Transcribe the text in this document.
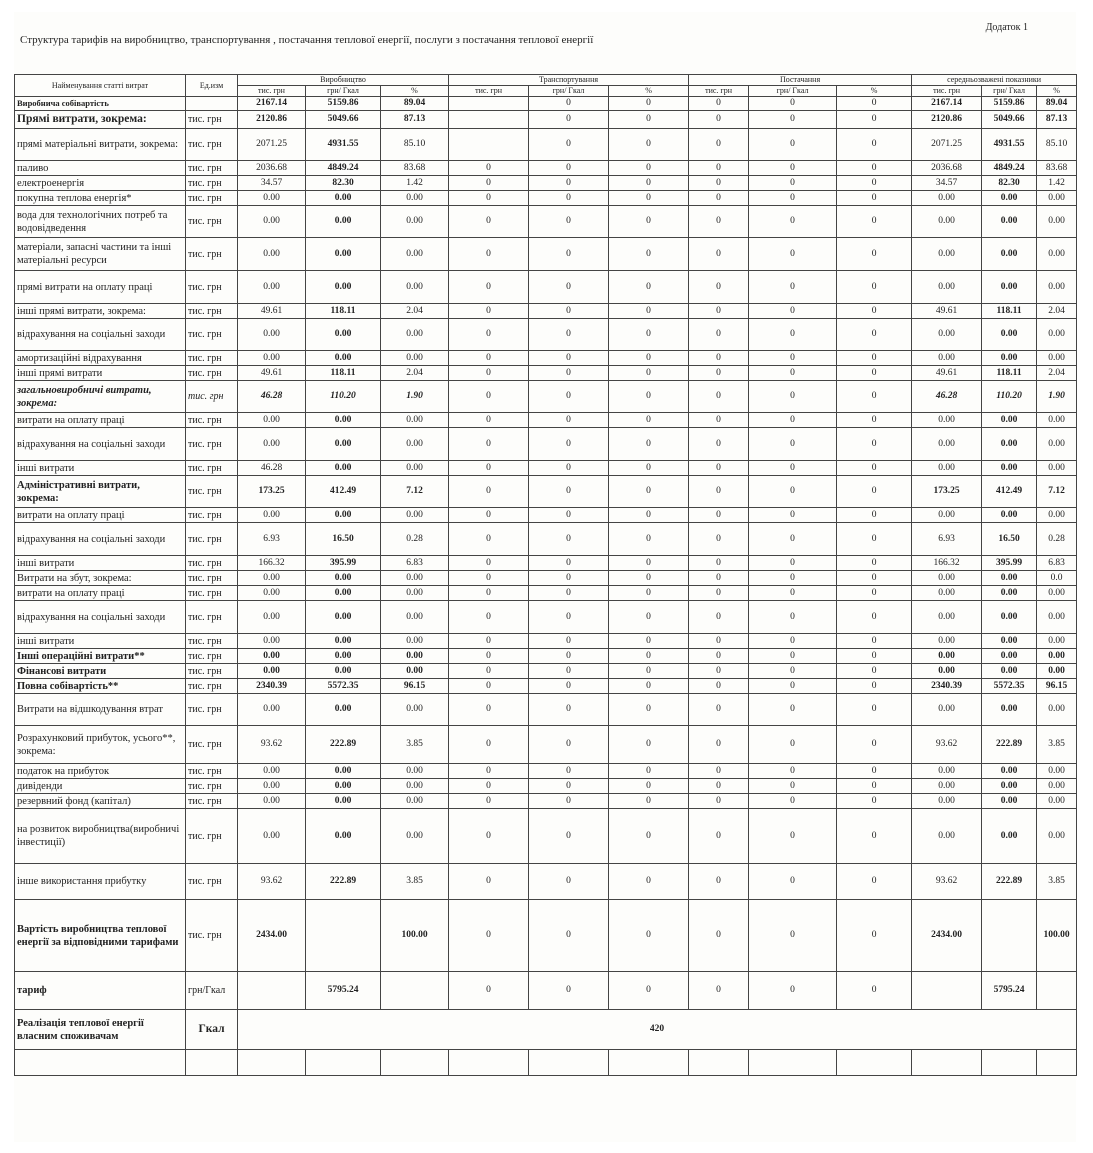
Додаток 1
Структура тарифів на виробництво, транспортування , постачання теплової енергії, послуги з постачання теплової енергії
Найменування статті витрат	Ед.изм	Виробництво			Транспортування			Постачання			середньозважені показники		
		тис. грн	грн/ Гкал	%	тис. грн	грн/ Гкал	%	тис. грн	грн/ Гкал	%	тис. грн	грн/ Гкал	%
Виробнича собівартість		2167.14	5159.86	89.04		0	0	0	0	0	2167.14	5159.86	89.04
Прямі витрати, зокрема:	тис. грн	2120.86	5049.66	87.13		0	0	0	0	0	2120.86	5049.66	87.13
прямі матеріальні витрати, зокрема:	тис. грн	2071.25	4931.55	85.10		0	0	0	0	0	2071.25	4931.55	85.10
паливо	тис. грн	2036.68	4849.24	83.68	0	0	0	0	0	0	2036.68	4849.24	83.68
електроенергія	тис. грн	34.57	82.30	1.42	0	0	0	0	0	0	34.57	82.30	1.42
покупна теплова енергія*	тис. грн	0.00	0.00	0.00	0	0	0	0	0	0	0.00	0.00	0.00
вода для технологічних потреб та водовідведення	тис. грн	0.00	0.00	0.00	0	0	0	0	0	0	0.00	0.00	0.00
матеріали, запасні частини та інші матеріальні ресурси	тис. грн	0.00	0.00	0.00	0	0	0	0	0	0	0.00	0.00	0.00
прямі витрати на оплату праці	тис. грн	0.00	0.00	0.00	0	0	0	0	0	0	0.00	0.00	0.00
інші прямі витрати, зокрема:	тис. грн	49.61	118.11	2.04	0	0	0	0	0	0	49.61	118.11	2.04
відрахування на соціальні заходи	тис. грн	0.00	0.00	0.00	0	0	0	0	0	0	0.00	0.00	0.00
амортизаційні відрахування	тис. грн	0.00	0.00	0.00	0	0	0	0	0	0	0.00	0.00	0.00
інші прямі витрати	тис. грн	49.61	118.11	2.04	0	0	0	0	0	0	49.61	118.11	2.04
загальновиробничі витрати, зокрема:	тис. грн	46.28	110.20	1.90	0	0	0	0	0	0	46.28	110.20	1.90
витрати на оплату праці	тис. грн	0.00	0.00	0.00	0	0	0	0	0	0	0.00	0.00	0.00
відрахування на соціальні заходи	тис. грн	0.00	0.00	0.00	0	0	0	0	0	0	0.00	0.00	0.00
інші витрати	тис. грн	46.28	0.00	0.00	0	0	0	0	0	0	0.00	0.00	0.00
Адміністративні витрати, зокрема:	тис. грн	173.25	412.49	7.12	0	0	0	0	0	0	173.25	412.49	7.12
витрати на оплату праці	тис. грн	0.00	0.00	0.00	0	0	0	0	0	0	0.00	0.00	0.00
відрахування на соціальні заходи	тис. грн	6.93	16.50	0.28	0	0	0	0	0	0	6.93	16.50	0.28
інші витрати	тис. грн	166.32	395.99	6.83	0	0	0	0	0	0	166.32	395.99	6.83
Витрати на збут, зокрема:	тис. грн	0.00	0.00	0.00	0	0	0	0	0	0	0.00	0.00	0.0
витрати на оплату праці	тис. грн	0.00	0.00	0.00	0	0	0	0	0	0	0.00	0.00	0.00
відрахування на соціальні заходи	тис. грн	0.00	0.00	0.00	0	0	0	0	0	0	0.00	0.00	0.00
інші витрати	тис. грн	0.00	0.00	0.00	0	0	0	0	0	0	0.00	0.00	0.00
Інші операційні витрати**	тис. грн	0.00	0.00	0.00	0	0	0	0	0	0	0.00	0.00	0.00
Фінансові витрати	тис. грн	0.00	0.00	0.00	0	0	0	0	0	0	0.00	0.00	0.00
Повна собівартість**	тис. грн	2340.39	5572.35	96.15	0	0	0	0	0	0	2340.39	5572.35	96.15
Витрати на відшкодування втрат	тис. грн	0.00	0.00	0.00	0	0	0	0	0	0	0.00	0.00	0.00
Розрахунковий прибуток, усього**, зокрема:	тис. грн	93.62	222.89	3.85	0	0	0	0	0	0	93.62	222.89	3.85
податок на прибуток	тис. грн	0.00	0.00	0.00	0	0	0	0	0	0	0.00	0.00	0.00
дивіденди	тис. грн	0.00	0.00	0.00	0	0	0	0	0	0	0.00	0.00	0.00
резервний фонд (капітал)	тис. грн	0.00	0.00	0.00	0	0	0	0	0	0	0.00	0.00	0.00
на розвиток виробництва(виробничі інвестиції)	тис. грн	0.00	0.00	0.00	0	0	0	0	0	0	0.00	0.00	0.00
інше використання прибутку	тис. грн	93.62	222.89	3.85	0	0	0	0	0	0	93.62	222.89	3.85
Вартість виробництва теплової енергії за відповідними тарифами	тис. грн	2434.00		100.00	0	0	0	0	0	0	2434.00		100.00
тариф	грн/Гкал		5795.24		0	0	0	0	0	0		5795.24	
Реалізація теплової енергії власним споживачам	Гкал	420											
